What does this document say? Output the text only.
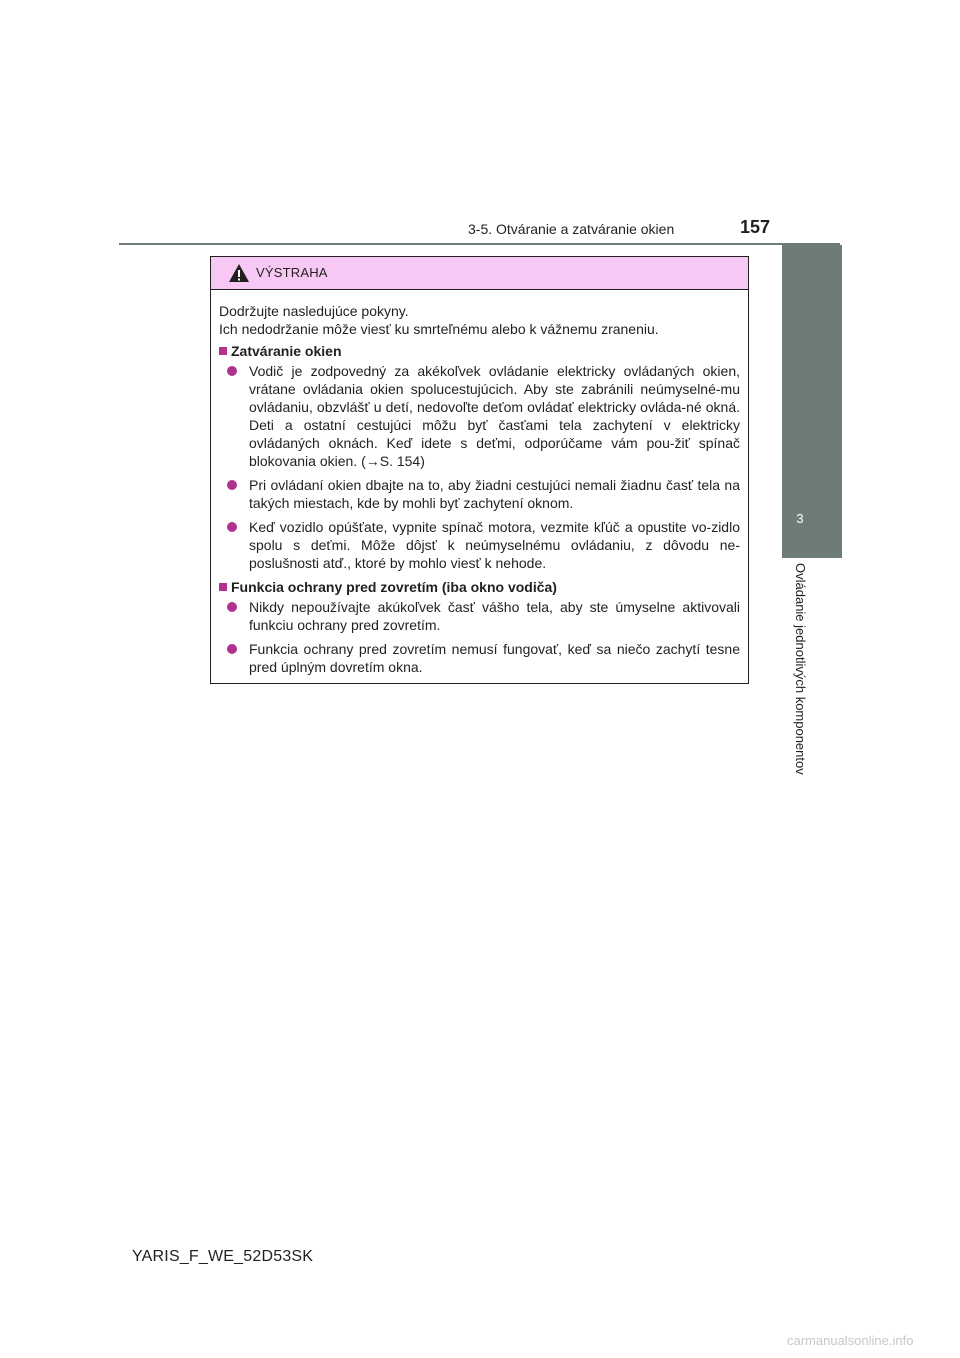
3-5. Otváranie a zatváranie okien	157
3
Ovládanie jednotlivých komponentov
VÝSTRAHA

Dodržujte nasledujúce pokyny.
Ich nedodržanie môže viesť ku smrteľnému alebo k vážnemu zraneniu.

Zatváranie okien
Vodič je zodpovedný za akékoľvek ovládanie elektricky ovládaných okien, vrátane ovládania okien spolucestujúcich. Aby ste zabránili neúmyselné-mu ovládaniu, obzvlášť u detí, nedovoľte deťom ovládať elektricky ovláda-né okná. Deti a ostatní cestujúci môžu byť časťami tela zachytení v elektricky ovládaných oknách. Keď idete s deťmi, odporúčame vám pou-žiť spínač blokovania okien. (→S. 154)
Pri ovládaní okien dbajte na to, aby žiadni cestujúci nemali žiadnu časť tela na takých miestach, kde by mohli byť zachytení oknom.
Keď vozidlo opúšťate, vypnite spínač motora, vezmite kľúč a opustite vo-zidlo spolu s deťmi. Môže dôjsť k neúmyselnému ovládaniu, z dôvodu ne-poslušnosti atď., ktoré by mohlo viesť k nehode.
Funkcia ochrany pred zovretím (iba okno vodiča)
Nikdy nepoužívajte akúkoľvek časť vášho tela, aby ste úmyselne aktivovali funkciu ochrany pred zovretím.
Funkcia ochrany pred zovretím nemusí fungovať, keď sa niečo zachytí tesne pred úplným dovretím okna.
YARIS_F_WE_52D53SK
carmanualsonline.info
